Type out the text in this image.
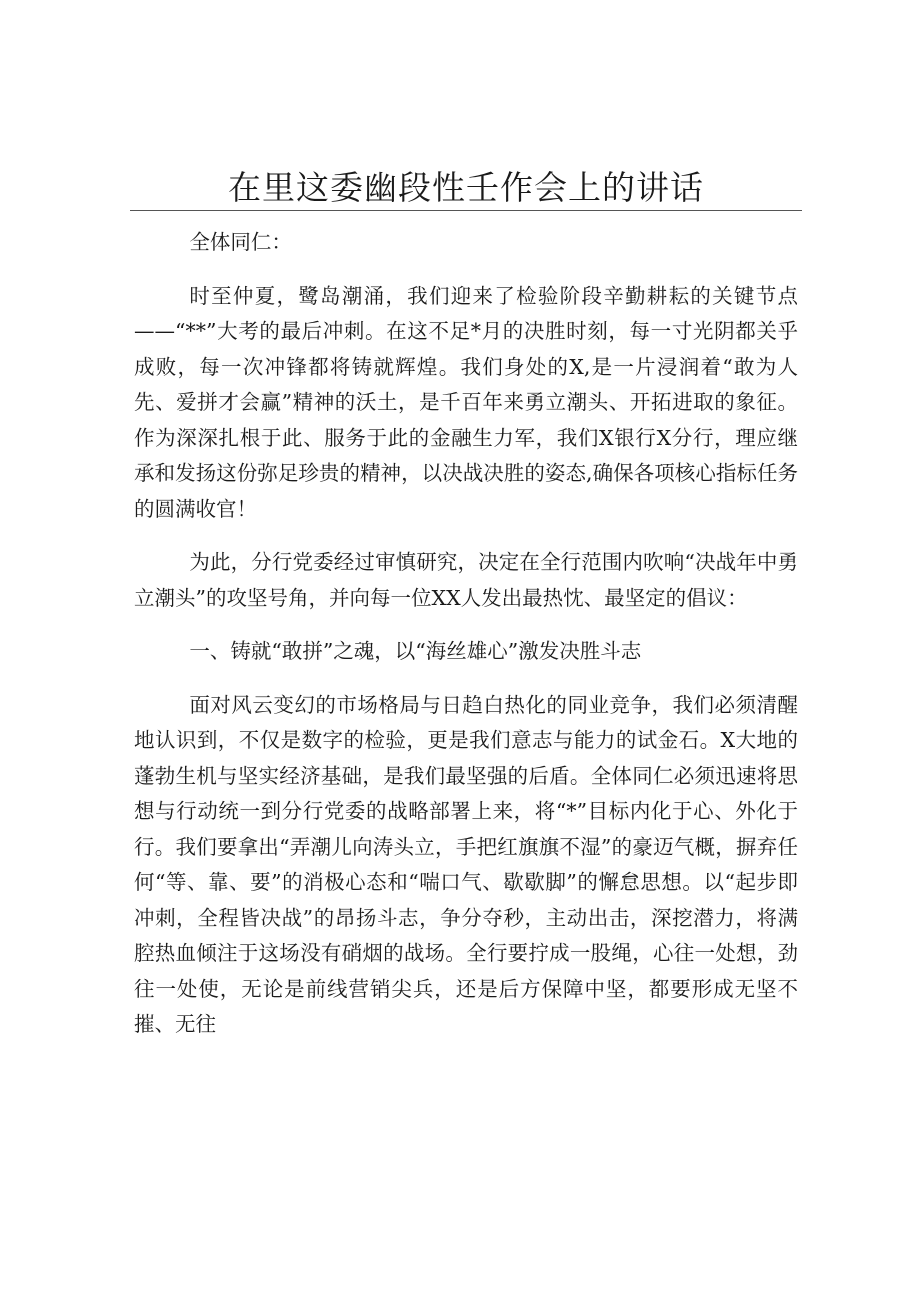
在里这委幽段性壬作会上的讲话

全体同仁：

时至仲夏，鹭岛潮涌，我们迎来了检验阶段辛勤耕耘的关键节点——“**”大考的最后冲刺。在这不足*月的决胜时刻，每一寸光阴都关乎成败，每一次冲锋都将铸就辉煌。我们身处的X,是一片浸润着“敢为人先、爱拼才会赢”精神的沃土，是千百年来勇立潮头、开拓进取的象征。作为深深扎根于此、服务于此的金融生力军，我们X银行X分行，理应继承和发扬这份弥足珍贵的精神，以决战决胜的姿态,确保各项核心指标任务的圆满收官！

为此，分行党委经过审慎研究，决定在全行范围内吹响“决战年中勇立潮头”的攻坚号角，并向每一位XX人发出最热忱、最坚定的倡议：

一、铸就“敢拼”之魂，以“海丝雄心”激发决胜斗志

面对风云变幻的市场格局与日趋白热化的同业竞争，我们必须清醒地认识到，不仅是数字的检验，更是我们意志与能力的试金石。X大地的蓬勃生机与坚实经济基础，是我们最坚强的后盾。全体同仁必须迅速将思想与行动统一到分行党委的战略部署上来，将“*”目标内化于心、外化于行。我们要拿出“弄潮儿向涛头立，手把红旗旗不湿”的豪迈气概，摒弃任何“等、靠、要”的消极心态和“喘口气、歇歇脚”的懈怠思想。以“起步即冲刺，全程皆决战”的昂扬斗志，争分夺秒，主动出击，深挖潜力，将满腔热血倾注于这场没有硝烟的战场。全行要拧成一股绳，心往一处想，劲往一处使，无论是前线营销尖兵，还是后方保障中坚，都要形成无坚不摧、无往
